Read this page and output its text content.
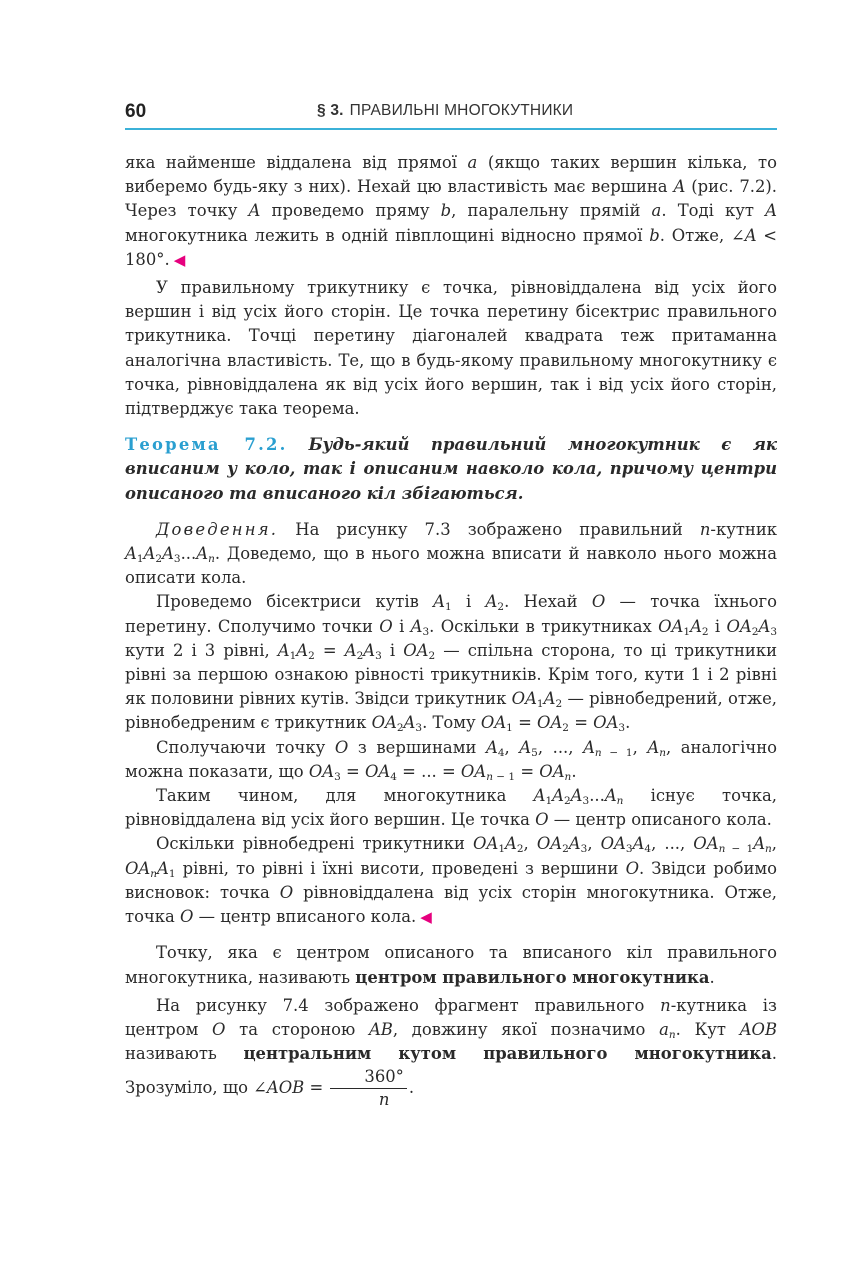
60	§ 3. ПРАВИЛЬНІ МНОГОКУТНИКИ

яка найменше віддалена від прямої a (якщо таких вершин кілька, то виберемо будь-яку з них). Нехай цю властивість має вершина A (рис. 7.2). Через точку A проведемо пряму b, паралельну прямій a. Тоді кут A многокутника лежить в одній півплощині відносно прямої b. Отже, ∠A < 180°. ◀

У правильному трикутнику є точка, рівновіддалена від усіх його вершин і від усіх його сторін. Це точка перетину бісектрис правильного трикутника. Точці перетину діагоналей квадрата теж притаманна аналогічна властивість. Те, що в будь-якому правильному многокутнику є точка, рівновіддалена як від усіх його вершин, так і від усіх його сторін, підтверджує така теорема.

Теорема 7.2. Будь-який правильний многокутник є як вписаним у коло, так і описаним навколо кола, причому центри описаного та вписаного кіл збігаються.

Доведення. На рисунку 7.3 зображено правильний n-кутник $A_1A_2A_3...A_n$. Доведемо, що в нього можна вписати й навколо нього можна описати кола.

Проведемо бісектриси кутів $A_1$ і $A_2$. Нехай O — точка їхнього перетину. Сполучимо точки O і $A_3$. Оскільки в трикутниках $OA_1A_2$ і $OA_2A_3$ кути 2 і 3 рівні, $A_1A_2 = A_2A_3$ і $OA_2$ — спільна сторона, то ці трикутники рівні за першою ознакою рівності трикутників. Крім того, кути 1 і 2 рівні як половини рівних кутів. Звідси трикутник $OA_1A_2$ — рівнобедрений, отже, рівнобедреним є трикутник $OA_2A_3$. Тому $OA_1 = OA_2 = OA_3$.

Сполучаючи точку O з вершинами $A_4$, $A_5$, ..., $A_{n - 1}$, $A_n$, аналогічно можна показати, що $OA_3 = OA_4$ = ... = $OA_{n - 1} = OA_n$.

Таким чином, для многокутника $A_1A_2A_3...A_n$ існує точка, рівновіддалена від усіх його вершин. Це точка O — центр описаного кола.

Оскільки рівнобедрені трикутники $OA_1A_2$, $OA_2A_3$, $OA_3A_4$, ..., $OA_{n - 1}A_n$, $OA_nA_1$ рівні, то рівні і їхні висоти, проведені з вершини O. Звідси робимо висновок: точка O рівновіддалена від усіх сторін многокутника. Отже, точка O — центр вписаного кола. ◀

Точку, яка є центром описаного та вписаного кіл правильного многокутника, називають центром правильного многокутника.

На рисунку 7.4 зображено фрагмент правильного n-кутника із центром O та стороною AB, довжину якої позначимо $a_n$. Кут AOB називають центральним кутом правильного многокутника. Зрозуміло, що ∠AOB = $\frac{360^\circ}{n}$ .
